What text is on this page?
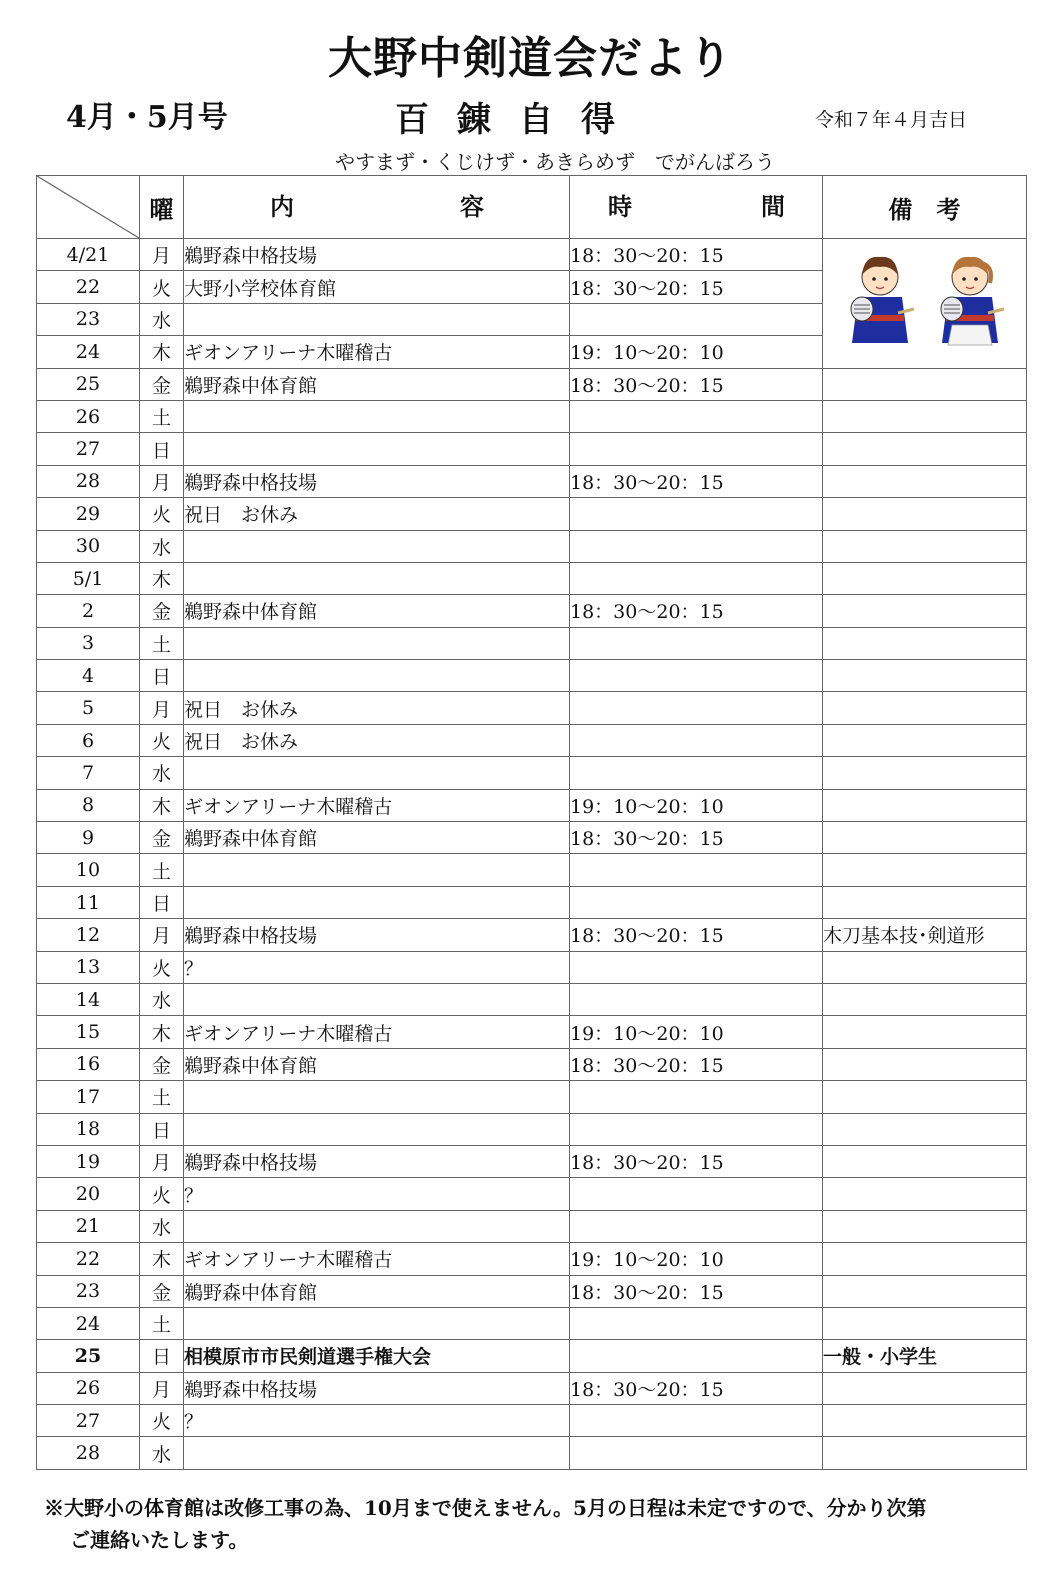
大野中剣道会だより
4月・5月号	百錬自得	令和７年４月吉日
やすまず・くじけず・あきらめず　でがんばろう
	曜	内 容	時 間	備　考
4/21	月	鵜野森中格技場	18：30〜20：15	
22	火	大野小学校体育館	18：30〜20：15	
23	水			
24	木	ギオンアリーナ木曜稽古	19：10〜20：10	
25	金	鵜野森中体育館	18：30〜20：15	
26	土			
27	日			
28	月	鵜野森中格技場	18：30〜20：15	
29	火	祝日　お休み		
30	水			
5/1	木			
2	金	鵜野森中体育館	18：30〜20：15	
3	土			
4	日			
5	月	祝日　お休み		
6	火	祝日　お休み		
7	水			
8	木	ギオンアリーナ木曜稽古	19：10〜20：10	
9	金	鵜野森中体育館	18：30〜20：15	
10	土			
11	日			
12	月	鵜野森中格技場	18：30〜20：15	木刀基本技･剣道形
13	火	？		
14	水			
15	木	ギオンアリーナ木曜稽古	19：10〜20：10	
16	金	鵜野森中体育館	18：30〜20：15	
17	土			
18	日			
19	月	鵜野森中格技場	18：30〜20：15	
20	火	？		
21	水			
22	木	ギオンアリーナ木曜稽古	19：10〜20：10	
23	金	鵜野森中体育館	18：30〜20：15	
24	土			
25	日	相模原市市民剣道選手権大会		一般・小学生
26	月	鵜野森中格技場	18：30〜20：15	
27	火	？		
28	水			
※大野小の体育館は改修工事の為、10月まで使えません。5月の日程は未定ですので、分かり次第
ご連絡いたします。
